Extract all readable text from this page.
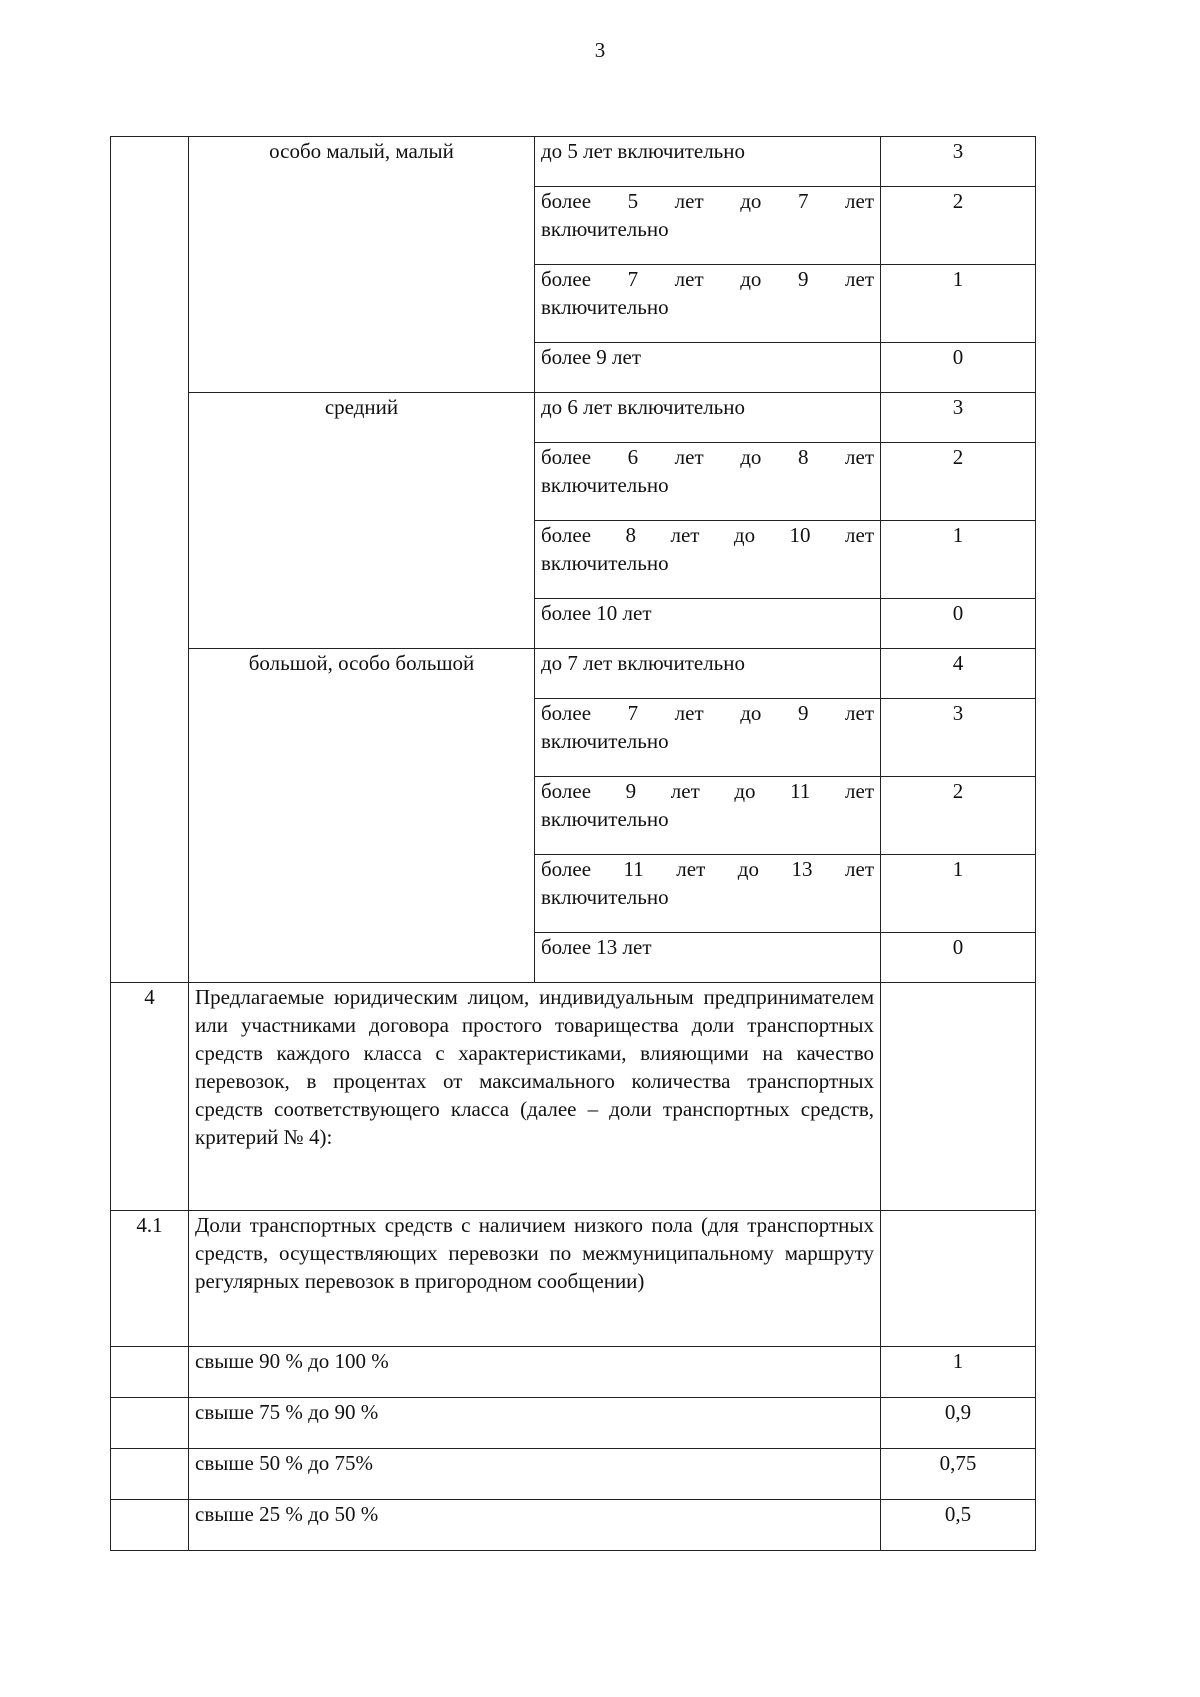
3
	особо малый, малый	до 5 лет включительно	3

		более 5 лет до 7 лет
включительно	2

		более 7 лет до 9 лет
включительно	1
		более 9 лет	0
	средний	до 6 лет включительно	3

		более 6 лет до 8 лет
включительно	2

		более 8 лет до 10 лет
включительно	1
		более 10 лет	0
	большой, особо большой	до 7 лет включительно	4

		более 7 лет до 9 лет
включительно	3

		более 9 лет до 11 лет
включительно	2

		более 11 лет до 13 лет
включительно	1
		более 13 лет	0
4	Предлагаемые юридическим лицом, индивидуальным предпринимателем или участниками договора простого товарищества доли транспортных средств каждого класса с характеристиками, влияющими на качество перевозок, в процентах от максимального количества транспортных средств соответствующего класса (далее – доли транспортных средств, критерий № 4):		
4.1	Доли транспортных средств с наличием низкого пола (для транспортных средств, осуществляющих перевозки по межмуниципальному маршруту регулярных перевозок в пригородном сообщении)		
	свыше 90 % до 100 %		1
	свыше 75 % до 90 %		0,9
	свыше 50 % до 75%		0,75
	свыше 25 % до 50 %		0,5
